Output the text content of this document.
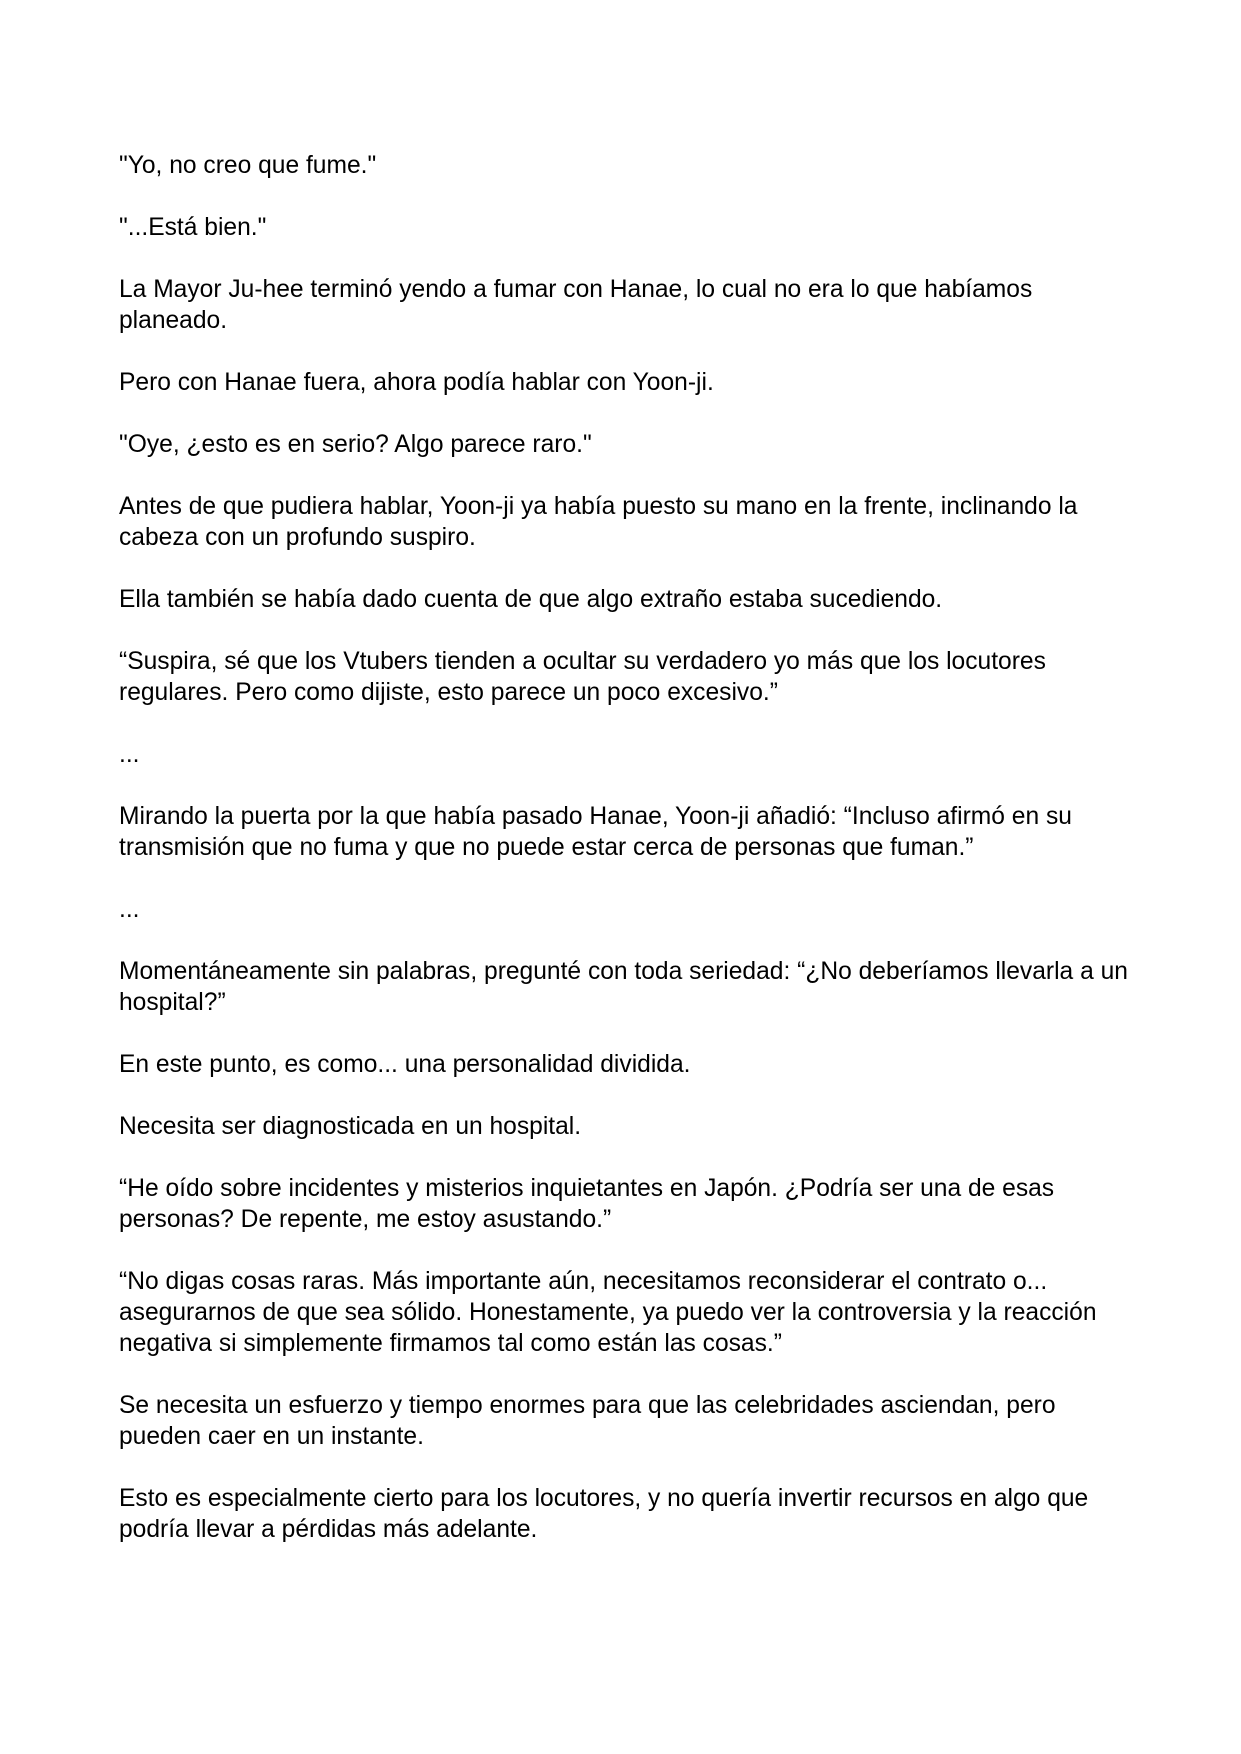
"Yo, no creo que fume."

"...Está bien."

La Mayor Ju-hee terminó yendo a fumar con Hanae, lo cual no era lo que habíamos planeado.

Pero con Hanae fuera, ahora podía hablar con Yoon-ji.

"Oye, ¿esto es en serio? Algo parece raro."

Antes de que pudiera hablar, Yoon-ji ya había puesto su mano en la frente, inclinando la cabeza con un profundo suspiro.

Ella también se había dado cuenta de que algo extraño estaba sucediendo.

“Suspira, sé que los Vtubers tienden a ocultar su verdadero yo más que los locutores regulares. Pero como dijiste, esto parece un poco excesivo.”

...

Mirando la puerta por la que había pasado Hanae, Yoon-ji añadió: “Incluso afirmó en su transmisión que no fuma y que no puede estar cerca de personas que fuman.”

...

Momentáneamente sin palabras, pregunté con toda seriedad: “¿No deberíamos llevarla a un hospital?”

En este punto, es como... una personalidad dividida.

Necesita ser diagnosticada en un hospital.

“He oído sobre incidentes y misterios inquietantes en Japón. ¿Podría ser una de esas personas? De repente, me estoy asustando.”

“No digas cosas raras. Más importante aún, necesitamos reconsiderar el contrato o... asegurarnos de que sea sólido. Honestamente, ya puedo ver la controversia y la reacción negativa si simplemente firmamos tal como están las cosas.”

Se necesita un esfuerzo y tiempo enormes para que las celebridades asciendan, pero pueden caer en un instante.

Esto es especialmente cierto para los locutores, y no quería invertir recursos en algo que podría llevar a pérdidas más adelante.
